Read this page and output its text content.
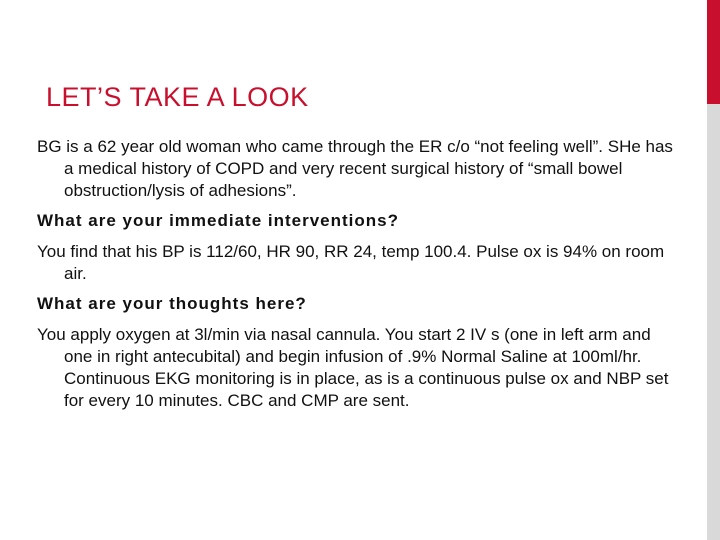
LET’S TAKE A LOOK

BG is a 62 year old woman who came through the ER c/o “not feeling well”. SHe has a medical history of COPD and very recent surgical history of “small bowel obstruction/lysis of adhesions”.

What are your immediate interventions?

You find that his BP is 112/60, HR 90, RR 24, temp 100.4. Pulse ox is 94% on room air.

What are your thoughts here?

You apply oxygen at 3l/min via nasal cannula. You start 2 IV s (one in left arm and one in right antecubital) and begin infusion of .9% Normal Saline at 100ml/hr. Continuous EKG monitoring is in place, as is a continuous pulse ox and NBP set for every 10 minutes. CBC and CMP are sent.
